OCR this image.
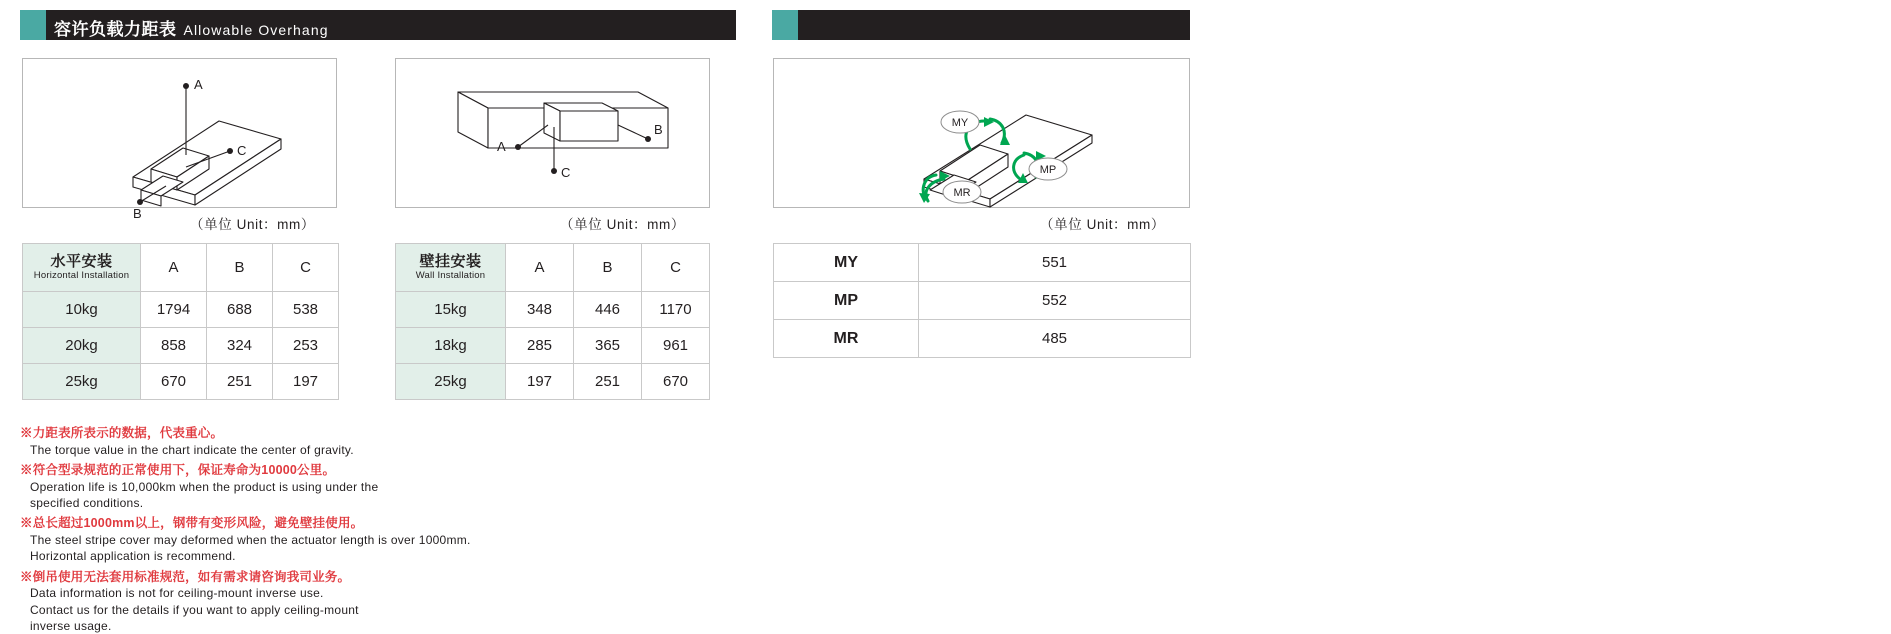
容许负载力距表 Allowable Overhang	静态容许负载惯量 Static Loading Moment
A
B
C
（单位 Unit：mm）
A
C
B
（单位 Unit：mm）
MY
MP
MR
（单位 Unit：mm）
水平安装
Horizontal Installation	A	B	C
10kg	1794	688	538
20kg	858	324	253
25kg	670	251	197
壁挂安装
Wall Installation	A	B	C
15kg	348	446	1170
18kg	285	365	961
25kg	197	251	670
MY	551
MP	552
MR	485
※力距表所表示的数据，代表重心。
The torque value in the chart indicate the center of gravity.
※符合型录规范的正常使用下，保证寿命为10000公里。
Operation life is 10,000km when the product is using under the
specified conditions.
※总长超过1000mm以上，钢带有变形风险，避免壁挂使用。
The steel stripe cover may deformed when the actuator length is over 1000mm.
Horizontal application is recommend.
※倒吊使用无法套用标准规范，如有需求请咨询我司业务。
Data information is not for ceiling-mount inverse use.
Contact us for the details if you want to apply ceiling-mount
inverse usage.
